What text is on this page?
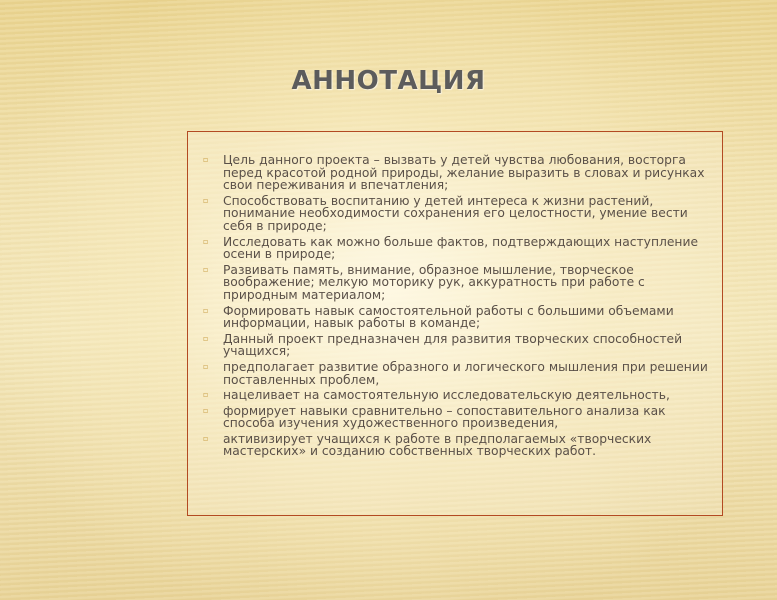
АННОТАЦИЯ
▫ Цель данного проекта – вызвать у детей чувства любования, восторга перед красотой родной природы, желание выразить в словах и рисунках свои переживания и впечатления;
▫ Способствовать воспитанию у детей интереса к жизни растений, понимание необходимости сохранения его целостности, умение вести себя в природе;
▫ Исследовать как можно больше фактов, подтверждающих наступление осени в природе;
▫ Развивать память, внимание, образное мышление, творческое воображение; мелкую моторику рук, аккуратность при работе с природным материалом;
▫ Формировать навык самостоятельной работы с большими объемами информации, навык работы в команде;
▫ Данный проект предназначен для развития творческих способностей учащихся;
▫ предполагает развитие образного и логического мышления при решении поставленных проблем,
▫ нацеливает на самостоятельную исследовательскую деятельность,
▫ формирует навыки сравнительно – сопоставительного анализа как способа изучения художественного произведения,
▫ активизирует учащихся к работе в предполагаемых «творческих мастерских» и созданию собственных творческих работ.
